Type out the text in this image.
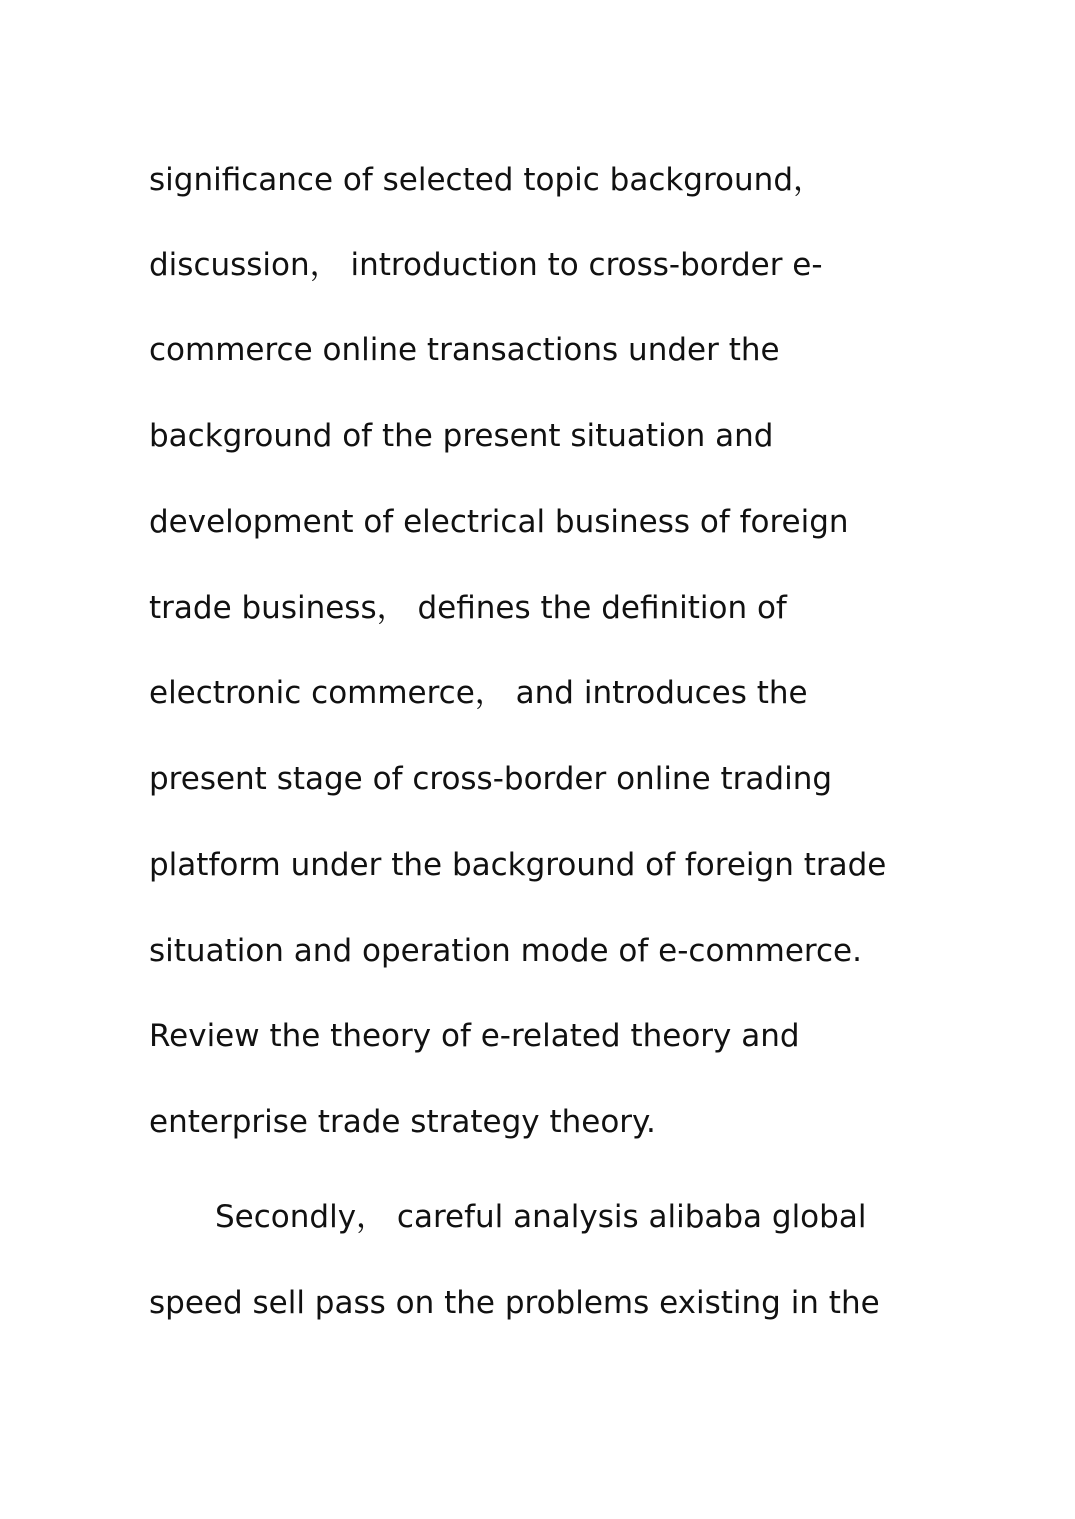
significance of selected topic background，
discussion， introduction to cross-border e-
commerce online transactions under the
background of the present situation and
development of electrical business of foreign
trade business， defines the definition of
electronic commerce， and introduces the
present stage of cross-border online trading
platform under the background of foreign trade
situation and operation mode of e-commerce.
Review the theory of e-related theory and
enterprise trade strategy theory.
Secondly， careful analysis alibaba global
speed sell pass on the problems existing in the
